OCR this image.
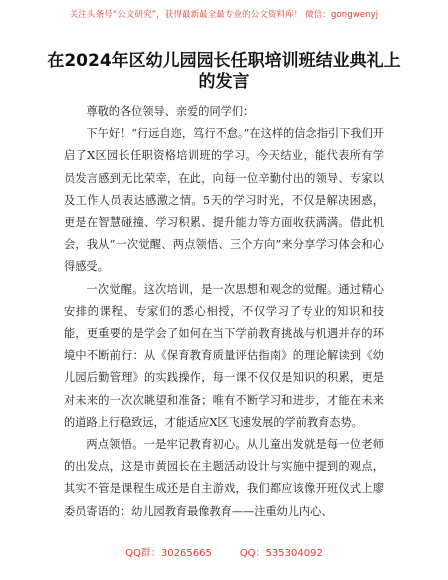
关注头条号“公文研究”，获得最新最全最专业的公文资料库！ 微信：gongwenyj
在2024年区幼儿园园长任职培训班结业典礼上的发言

尊敬的各位领导、亲爱的同学们：

下午好！“行远自迩，笃行不怠。”在这样的信念指引下我们开启了X区园长任职资格培训班的学习。今天结业，能代表所有学员发言感到无比荣幸，在此，向每一位辛勤付出的领导、专家以及工作人员表达感激之情。5天的学习时光，不仅是解决困惑，更是在智慧碰撞、学习积累、提升能力等方面收获满满。借此机会，我从“一次觉醒、两点领悟、三个方向”来分享学习体会和心得感受。

一次觉醒。这次培训，是一次思想和观念的觉醒。通过精心安排的课程、专家们的悉心相授，不仅学习了专业的知识和技能，更重要的是学会了如何在当下学前教育挑战与机遇并存的环境中不断前行：从《保育教育质量评估指南》的理论解读到《幼儿园后勤管理》的实践操作，每一课不仅仅是知识的积累，更是对未来的一次次眺望和准备；唯有不断学习和进步，才能在未来的道路上行稳致远，才能适应X区飞速发展的学前教育态势。

两点领悟。一是牢记教育初心。从儿童出发就是每一位老师的出发点，这是市黄园长在主题活动设计与实施中提到的观点，其实不管是课程生成还是自主游戏，我们都应该像开班仪式上廖委员寄语的：幼儿园教育最像教育——注重幼儿内心、

QQ群：30265665	QQ：535304092
